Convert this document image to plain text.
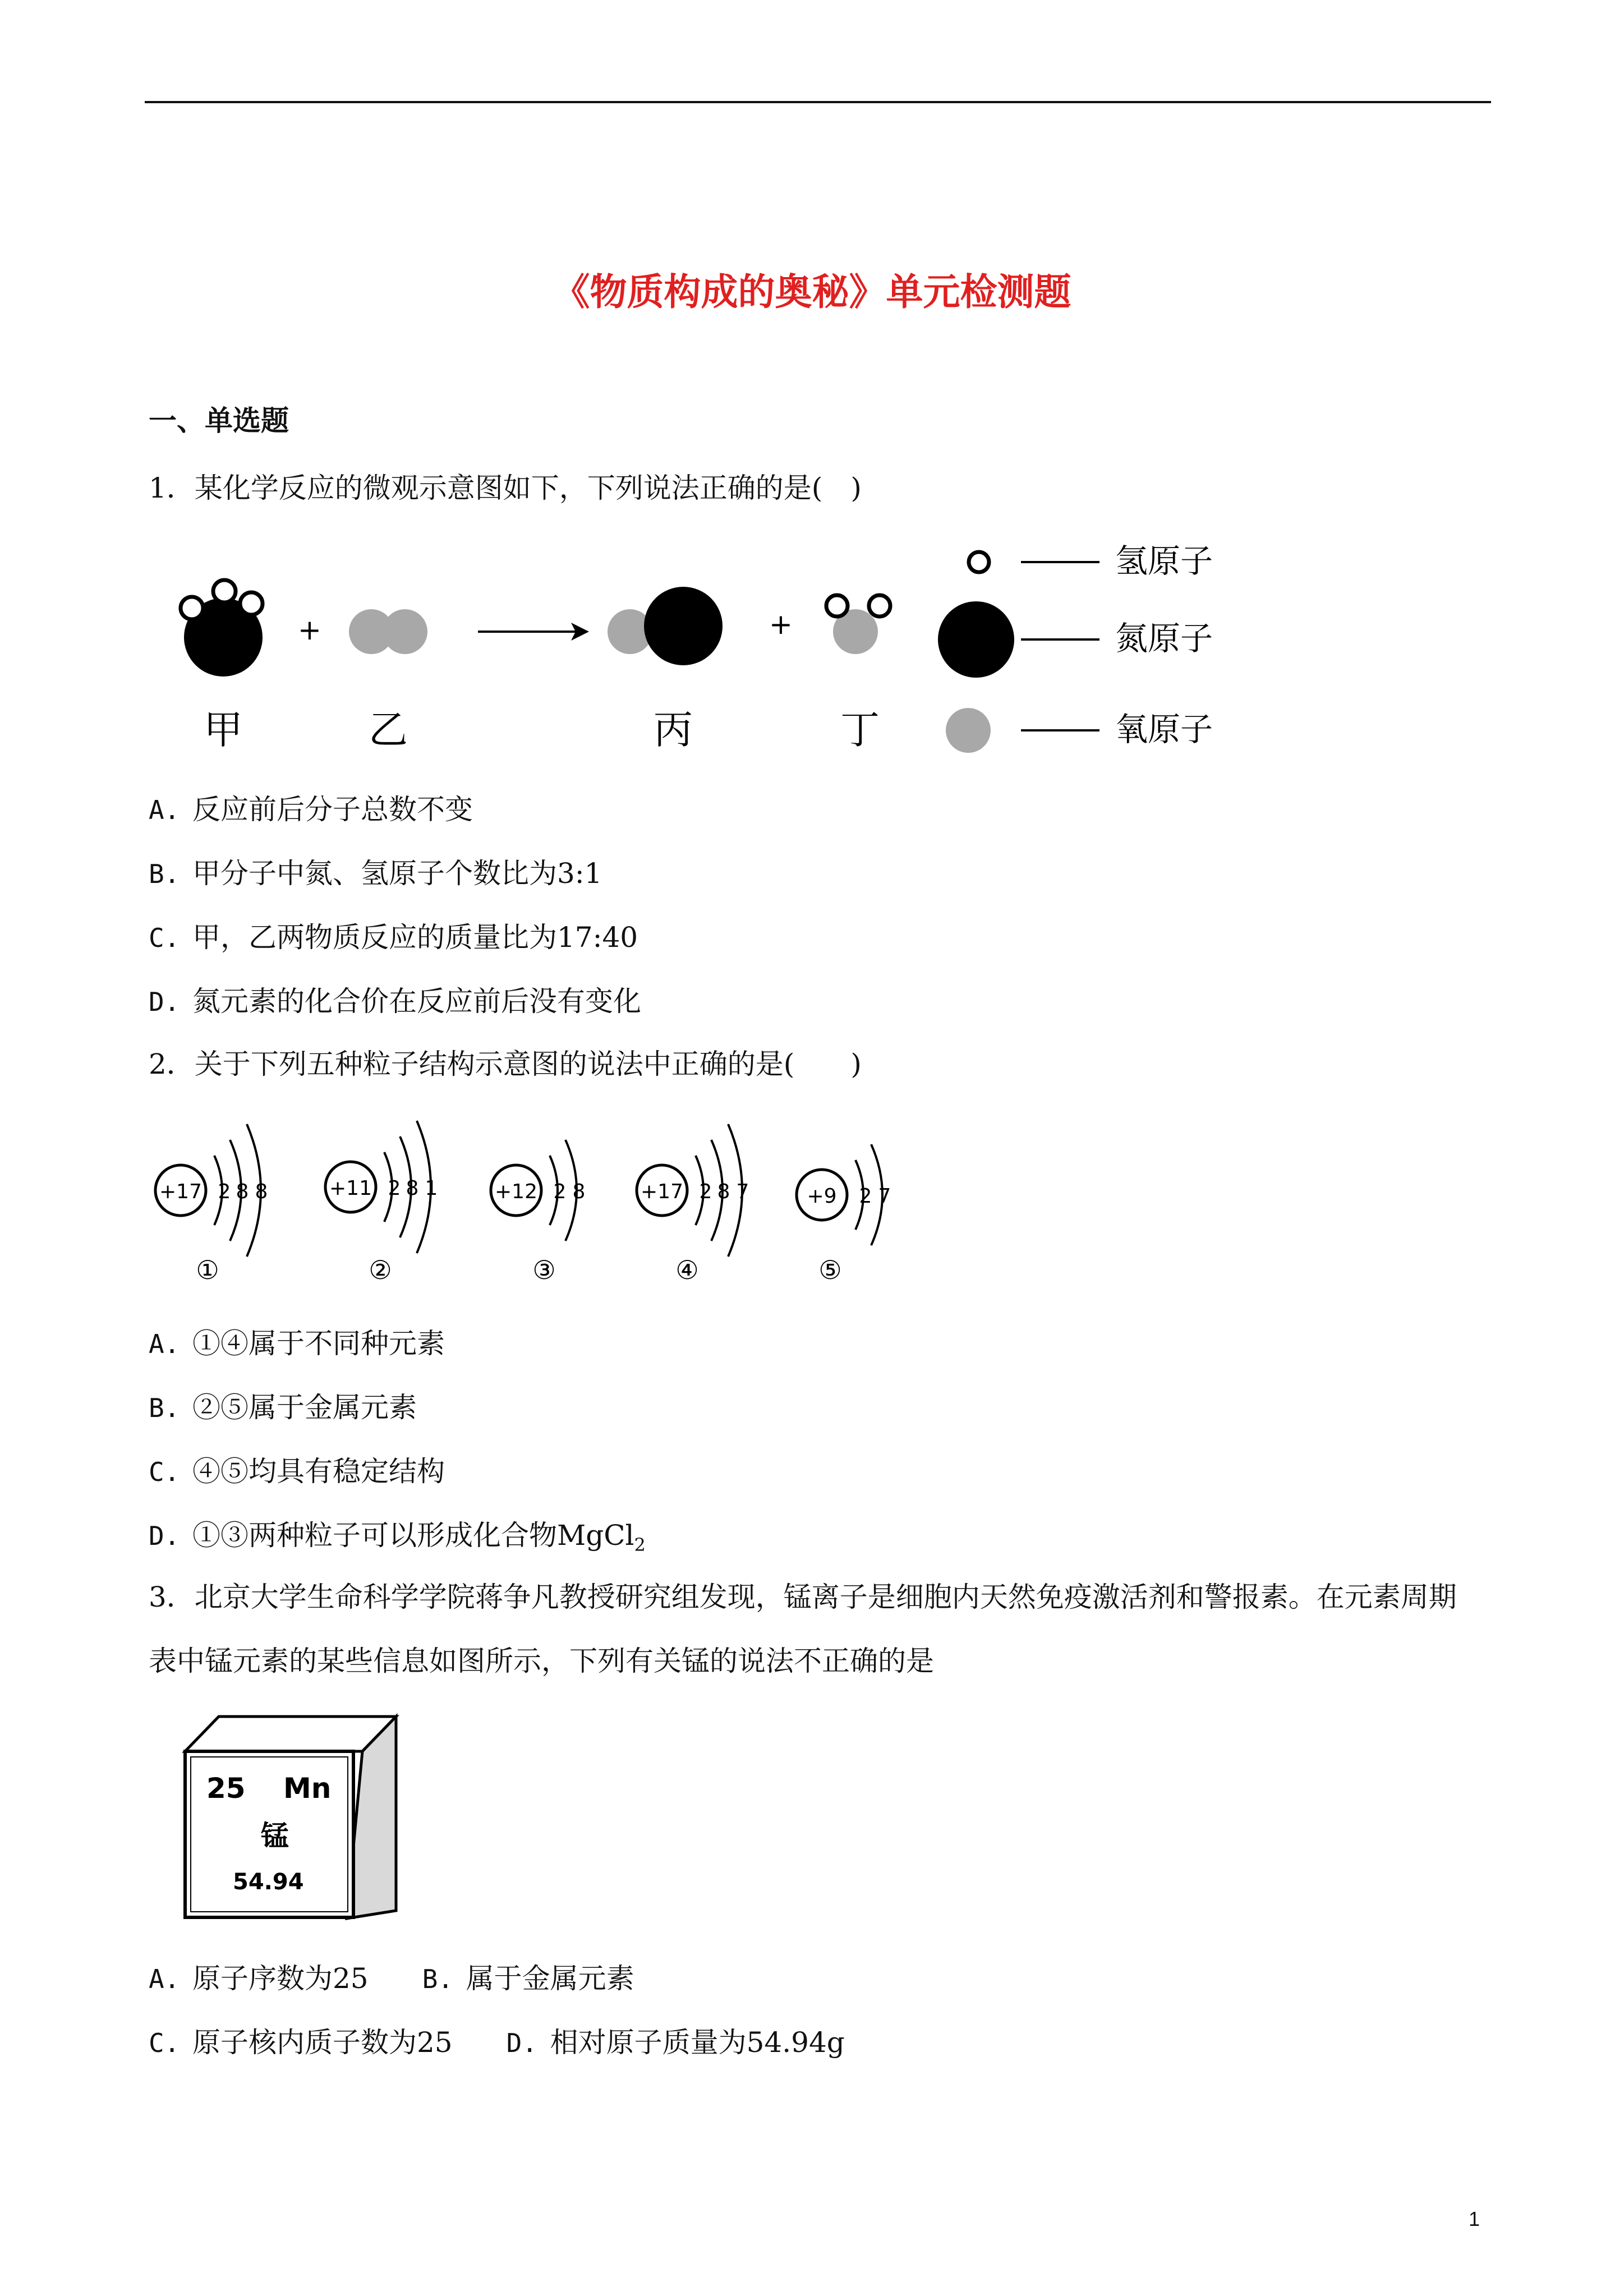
《物质构成的奥秘》单元检测题
一、单选题
1．某化学反应的微观示意图如下，下列说法正确的是(　)
+	+
甲	乙	丙	丁
氢原子
氮原子
氧原子
A. 反应前后分子总数不变
B. 甲分子中氮、氢原子个数比为3:1
C. 甲，乙两物质反应的质量比为17:40
D. 氮元素的化合价在反应前后没有变化
2．关于下列五种粒子结构示意图的说法中正确的是(　　)
+17 2 8 8
①
+11 2 8 1
②
+12 2 8
③
+17 2 8 7
④
+9 2 7
⑤
A. ①④属于不同种元素
B. ②⑤属于金属元素
C. ④⑤均具有稳定结构
D. ①③两种粒子可以形成化合物MgCl$_2$
3．北京大学生命科学学院蒋争凡教授研究组发现，锰离子是细胞内天然免疫激活剂和警报素。在元素周期
表中锰元素的某些信息如图所示，下列有关锰的说法不正确的是
25 Mn
锰
54.94
A. 原子序数为25 B. 属于金属元素
C. 原子核内质子数为25 D. 相对原子质量为54.94g
1
